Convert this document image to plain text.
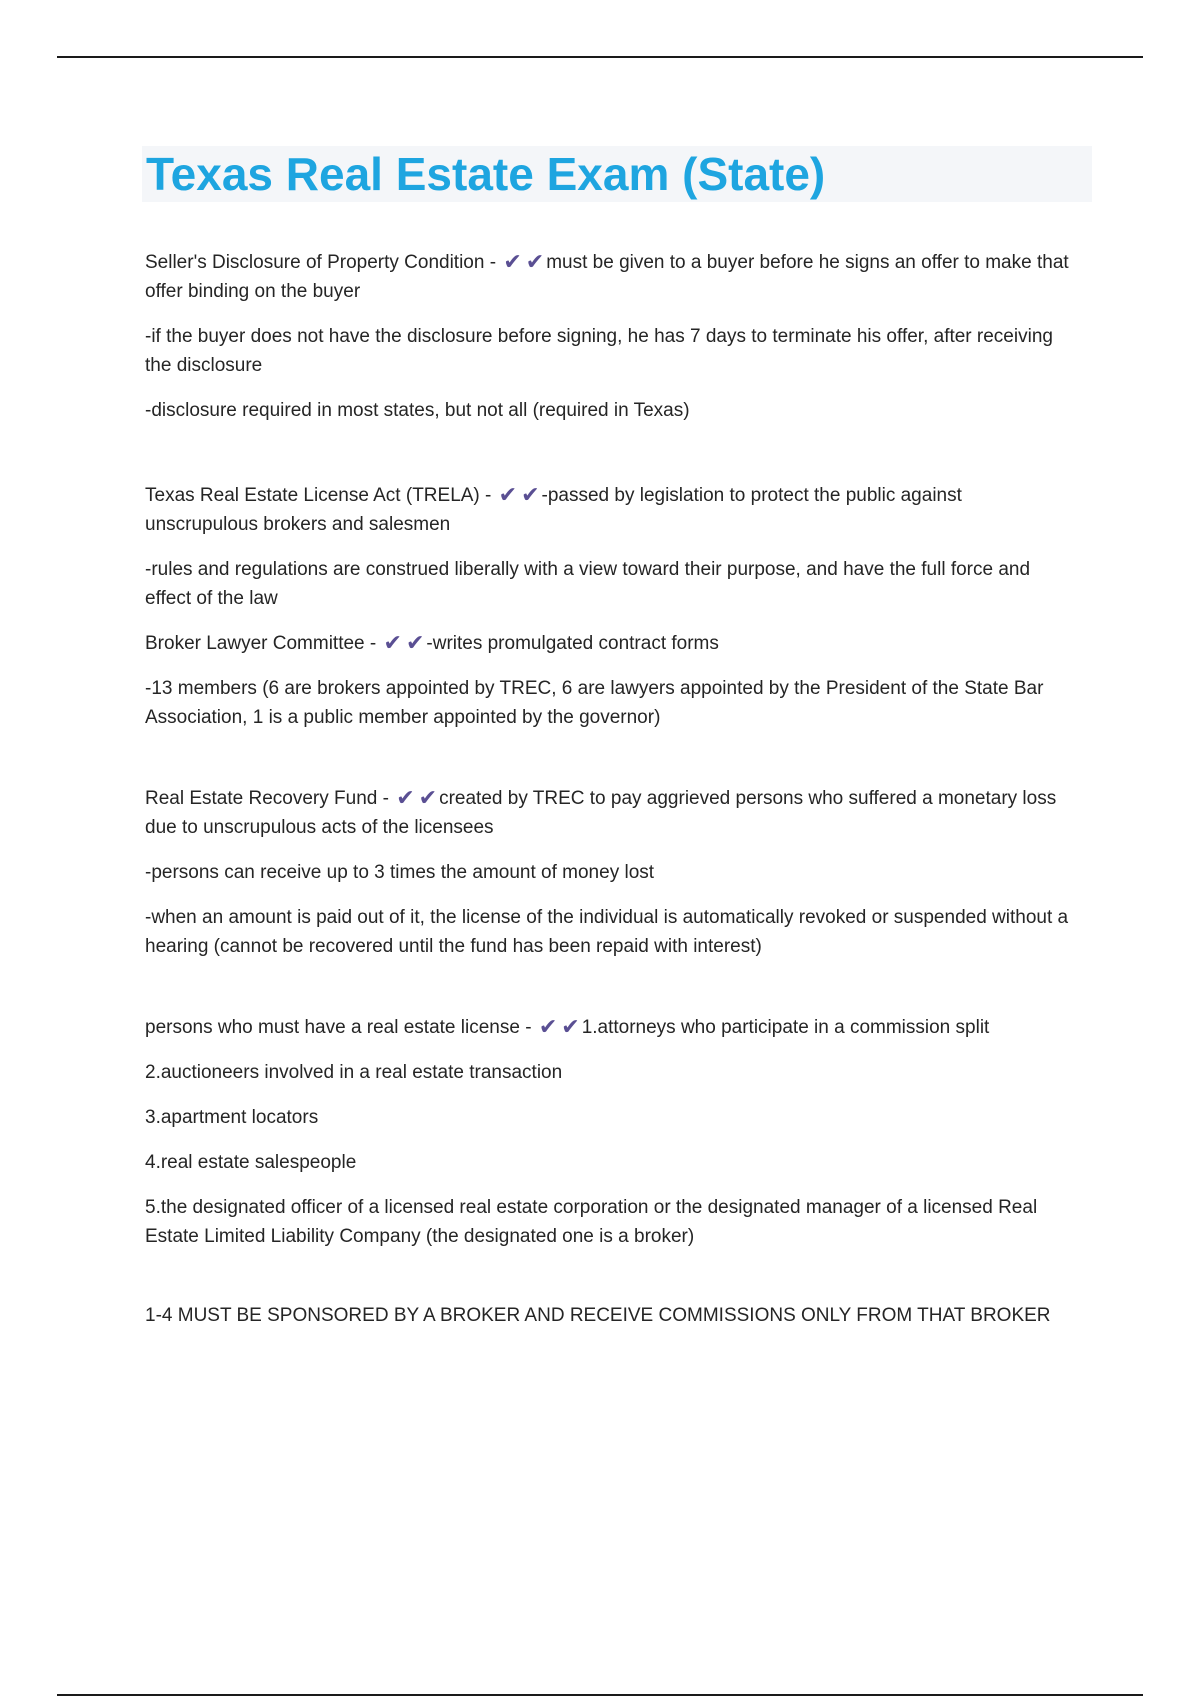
Texas Real Estate Exam (State)

Seller's Disclosure of Property Condition - ✔ ✔ must be given to a buyer before he signs an offer to make that offer binding on the buyer

-if the buyer does not have the disclosure before signing, he has 7 days to terminate his offer, after receiving the disclosure

-disclosure required in most states, but not all (required in Texas)

Texas Real Estate License Act (TRELA) - ✔ ✔ -passed by legislation to protect the public against unscrupulous brokers and salesmen

-rules and regulations are construed liberally with a view toward their purpose, and have the full force and effect of the law

Broker Lawyer Committee - ✔ ✔ -writes promulgated contract forms

-13 members (6 are brokers appointed by TREC, 6 are lawyers appointed by the President of the State Bar Association, 1 is a public member appointed by the governor)

Real Estate Recovery Fund - ✔ ✔ created by TREC to pay aggrieved persons who suffered a monetary loss due to unscrupulous acts of the licensees

-persons can receive up to 3 times the amount of money lost

-when an amount is paid out of it, the license of the individual is automatically revoked or suspended without a hearing (cannot be recovered until the fund has been repaid with interest)

persons who must have a real estate license - ✔ ✔ 1.attorneys who participate in a commission split

2.auctioneers involved in a real estate transaction

3.apartment locators

4.real estate salespeople

5.the designated officer of a licensed real estate corporation or the designated manager of a licensed Real Estate Limited Liability Company (the designated one is a broker)

1-4 MUST BE SPONSORED BY A BROKER AND RECEIVE COMMISSIONS ONLY FROM THAT BROKER
